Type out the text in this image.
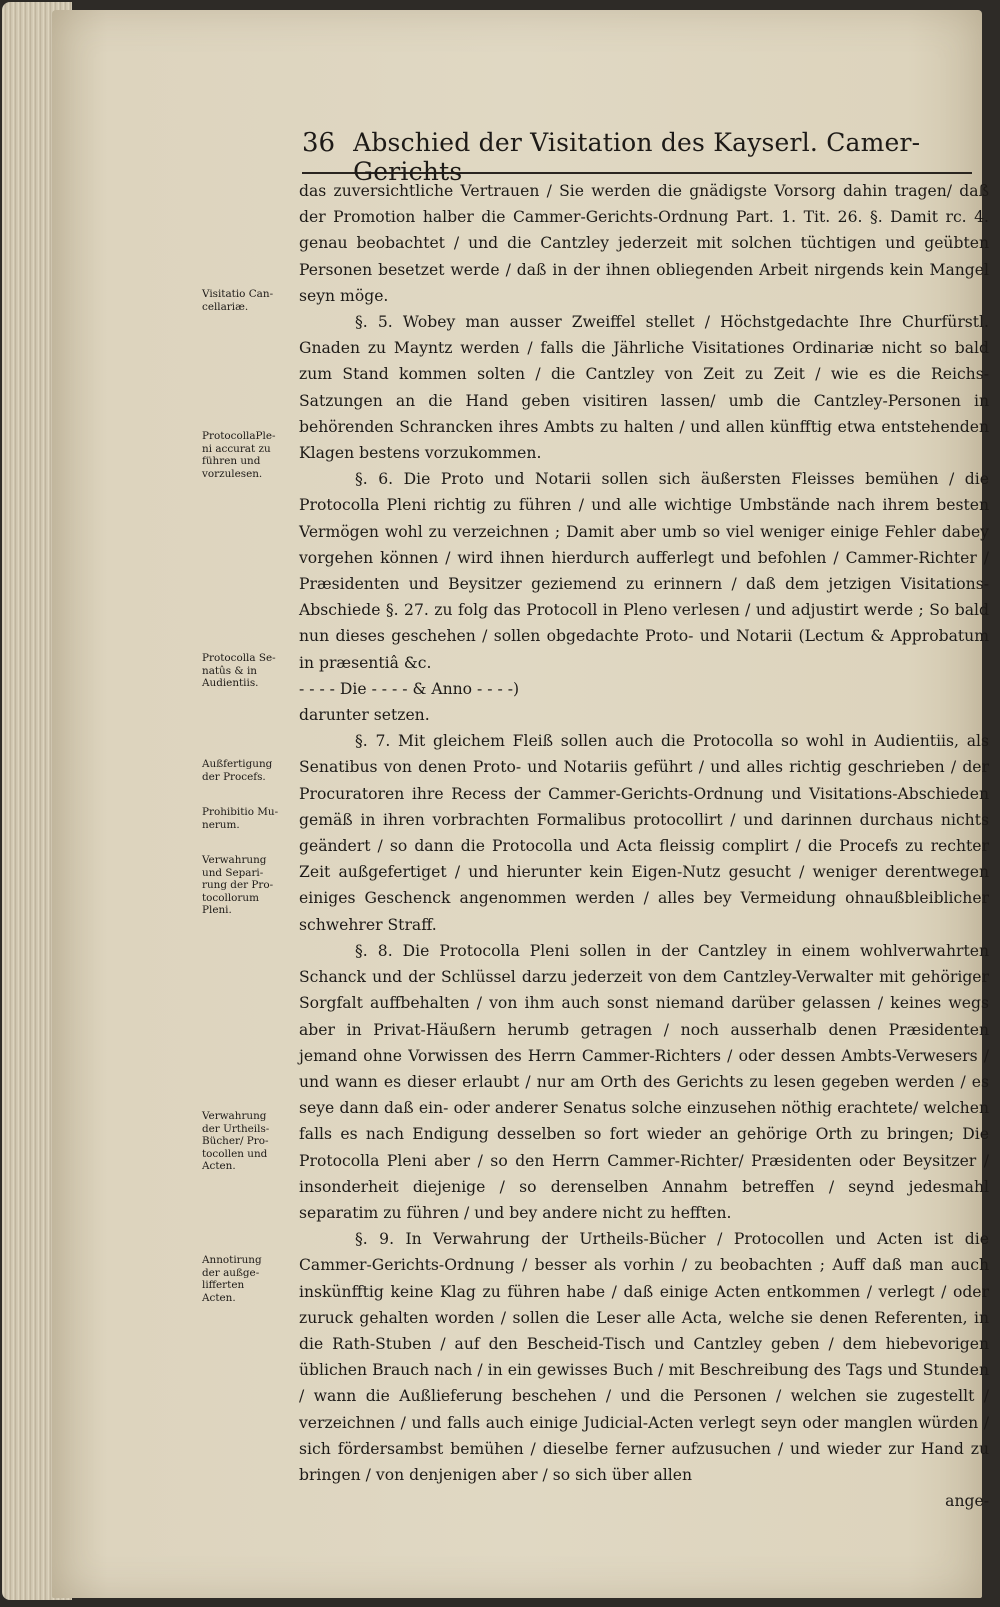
36 Abschied der Visitation des Kayserl. Camer-Gerichts
Visitatio Can-
cellariæ.
ProtocollaPle-
ni accurat zu
führen und
vorzulesen.
Protocolla Se-
natûs & in
Audientiis.
Außfertigung
der Procefs.
Prohibitio Mu-
nerum.
Verwahrung
und Separi-
rung der Pro-
tocollorum
Pleni.
Verwahrung
der Urtheils-
Bücher/ Pro-
tocollen und
Acten.
Annotirung
der außge-
lifferten
Acten.

das zuversichtliche Vertrauen / Sie werden die gnädigste Vorsorg dahin tragen/ daß der Promotion halber die Cammer-Gerichts-Ordnung Part. 1. Tit. 26. §. Damit rc. 4. genau beobachtet / und die Cantzley jederzeit mit solchen tüchtigen und geübten Personen besetzet werde / daß in der ihnen obliegenden Arbeit nirgends kein Mangel seyn möge.

§. 5. Wobey man ausser Zweiffel stellet / Höchstgedachte Ihre Churfürstl. Gnaden zu Mayntz werden / falls die Jährliche Visitationes Ordinariæ nicht so bald zum Stand kommen solten / die Cantzley von Zeit zu Zeit / wie es die Reichs-Satzungen an die Hand geben visitiren lassen/ umb die Cantzley-Personen in behörenden Schrancken ihres Ambts zu halten / und allen künfftig etwa entstehenden Klagen bestens vorzukommen.

§. 6. Die Proto und Notarii sollen sich äußersten Fleisses bemühen / die Protocolla Pleni richtig zu führen / und alle wichtige Umbstände nach ihrem besten Vermögen wohl zu verzeichnen ; Damit aber umb so viel weniger einige Fehler dabey vorgehen können / wird ihnen hierdurch aufferlegt und befohlen / Cammer-Richter / Præsidenten und Beysitzer geziemend zu erinnern / daß dem jetzigen Visitations-Abschiede §. 27. zu folg das Protocoll in Pleno verlesen / und adjustirt werde ; So bald nun dieses geschehen / sollen obgedachte Proto- und Notarii (Lectum & Approbatum in præsentiâ &c.

- - - - Die - - - - & Anno - - - -)

darunter setzen.

§. 7. Mit gleichem Fleiß sollen auch die Protocolla so wohl in Audientiis, als Senatibus von denen Proto- und Notariis geführt / und alles richtig geschrieben / der Procuratoren ihre Recess der Cammer-Gerichts-Ordnung und Visitations-Abschieden gemäß in ihren vorbrachten Formalibus protocollirt / und darinnen durchaus nichts geändert / so dann die Protocolla und Acta fleissig complirt / die Procefs zu rechter Zeit außgefertiget / und hierunter kein Eigen-Nutz gesucht / weniger derentwegen einiges Geschenck angenommen werden / alles bey Vermeidung ohnaußbleiblicher schwehrer Straff.

§. 8. Die Protocolla Pleni sollen in der Cantzley in einem wohlverwahrten Schanck und der Schlüssel darzu jederzeit von dem Cantzley-Verwalter mit gehöriger Sorgfalt auffbehalten / von ihm auch sonst niemand darüber gelassen / keines wegs aber in Privat-Häußern herumb getragen / noch ausserhalb denen Præsidenten jemand ohne Vorwissen des Herrn Cammer-Richters / oder dessen Ambts-Verwesers / und wann es dieser erlaubt / nur am Orth des Gerichts zu lesen gegeben werden / es seye dann daß ein- oder anderer Senatus solche einzusehen nöthig erachtete/ welchen falls es nach Endigung desselben so fort wieder an gehörige Orth zu bringen; Die Protocolla Pleni aber / so den Herrn Cammer-Richter/ Præsidenten oder Beysitzer / insonderheit diejenige / so derenselben Annahm betreffen / seynd jedesmahl separatim zu führen / und bey andere nicht zu hefften.

§. 9. In Verwahrung der Urtheils-Bücher / Protocollen und Acten ist die Cammer-Gerichts-Ordnung / besser als vorhin / zu beobachten ; Auff daß man auch inskünfftig keine Klag zu führen habe / daß einige Acten entkommen / verlegt / oder zuruck gehalten worden / sollen die Leser alle Acta, welche sie denen Referenten, in die Rath-Stuben / auf den Bescheid-Tisch und Cantzley geben / dem hiebevorigen üblichen Brauch nach / in ein gewisses Buch / mit Beschreibung des Tags und Stunden / wann die Außlieferung beschehen / und die Personen / welchen sie zugestellt / verzeichnen / und falls auch einige Judicial-Acten verlegt seyn oder manglen würden / sich fördersambst bemühen / dieselbe ferner aufzusuchen / und wieder zur Hand zu bringen / von denjenigen aber / so sich über allen

ange-
